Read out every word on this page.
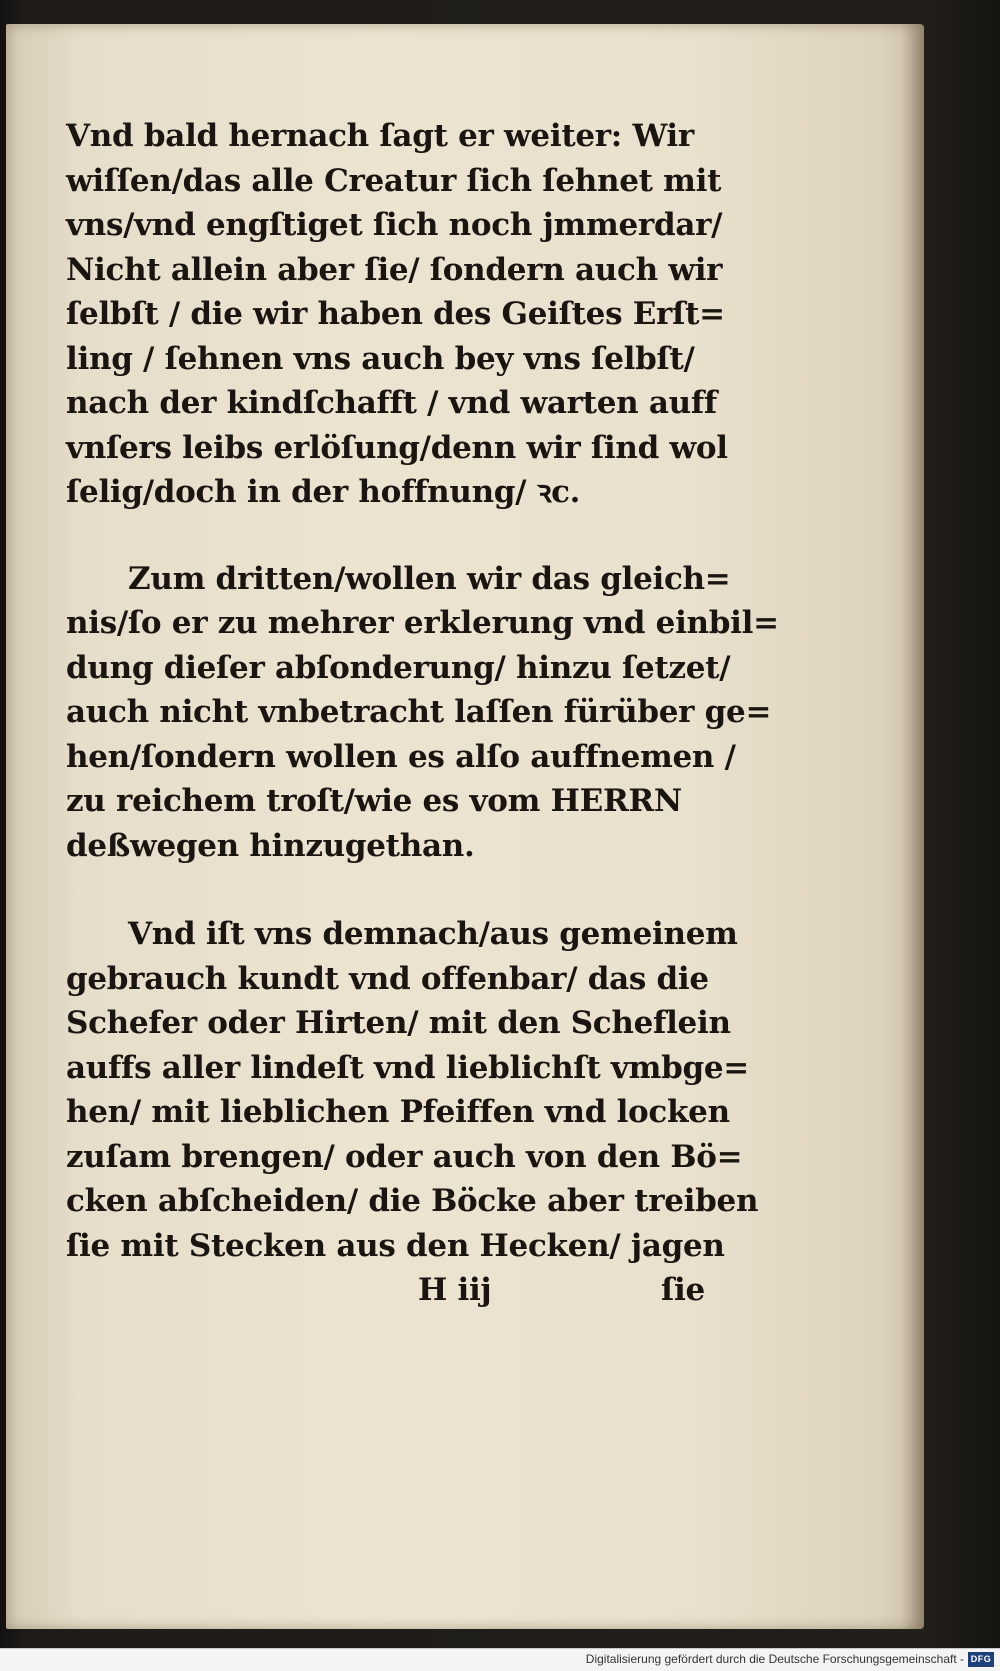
Vnd bald hernach ſagt er weiter: Wir

wiſſen/das alle Creatur ſich ſehnet mit

vns/vnd engſtiget ſich noch jmmerdar/

Nicht allein aber ſie/ ſondern auch wir

ſelbſt / die wir haben des Geiſtes Erſt=

ling / ſehnen vns auch bey vns ſelbſt/

nach der kindſchafft / vnd warten auff

vnſers leibs erlöſung/denn wir ſind wol

ſelig/doch in der hoffnung/ ꝛc.

Zum dritten/wollen wir das gleich=

nis/ſo er zu mehrer erklerung vnd einbil=

dung dieſer abſonderung/ hinzu ſetzet/

auch nicht vnbetracht laſſen fürüber ge=

hen/ſondern wollen es alſo auffnemen /

zu reichem troſt/wie es vom HERRN

deßwegen hinzugethan.

Vnd iſt vns demnach/aus gemeinem

gebrauch kundt vnd offenbar/ das die

Schefer oder Hirten/ mit den Scheflein

auffs aller lindeſt vnd lieblichſt vmbge=

hen/ mit lieblichen Pfeiffen vnd locken

zuſam brengen/ oder auch von den Bö=

cken abſcheiden/ die Böcke aber treiben

ſie mit Stecken aus den Hecken/ jagen

H iij	ſie
Digitalisierung gefördert durch die Deutsche Forschungsgemeinschaft - DFG
